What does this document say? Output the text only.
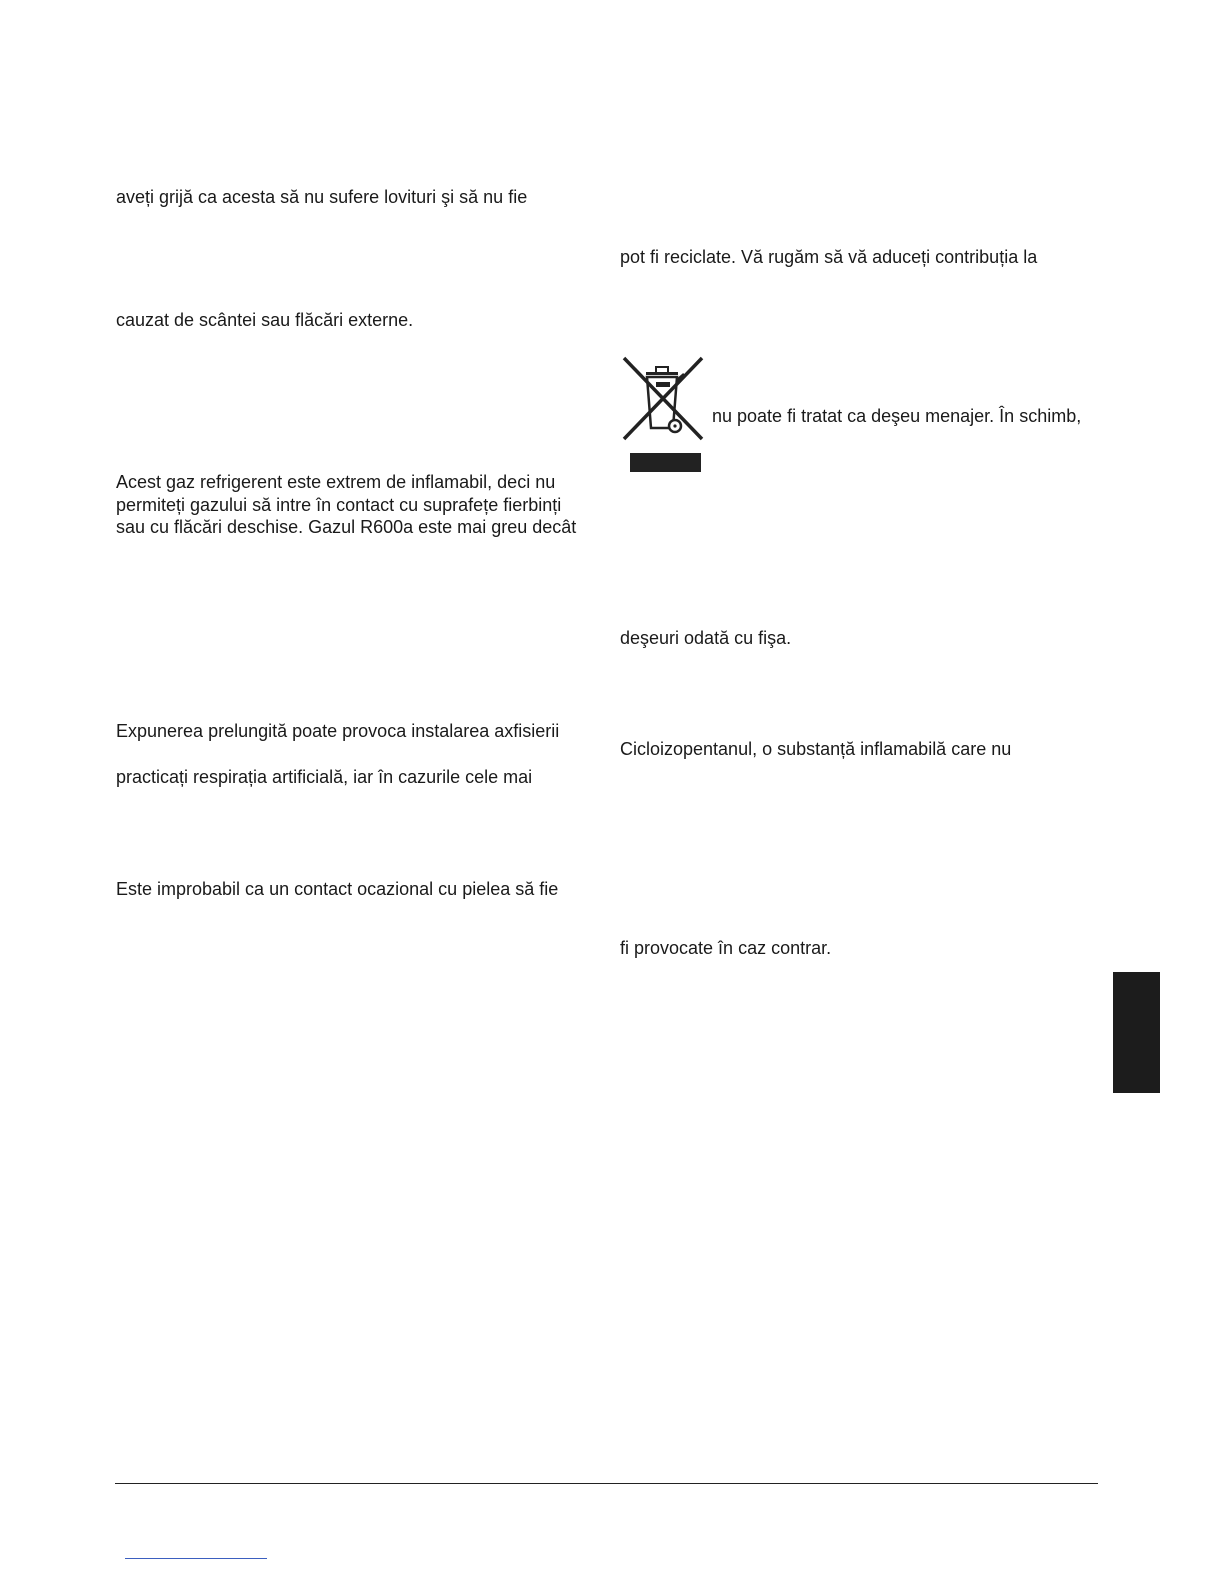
aveți grijă ca acesta să nu sufere lovituri şi să nu fie
cauzat de scântei sau flăcări externe.
Acest gaz refrigerent este extrem de inflamabil, deci nu
permiteți gazului să intre în contact cu suprafețe fierbinți
sau cu flăcări deschise. Gazul R600a este mai greu decât
Expunerea prelungită poate provoca instalarea axfisierii
practicați respirația artificială, iar în cazurile cele mai
Este improbabil ca un contact ocazional cu pielea să fie
pot fi reciclate. Vă rugăm să vă aduceți contribuția la
nu poate fi tratat ca deşeu menajer. În schimb,
deşeuri odată cu fişa.
Cicloizopentanul, o substanță inflamabilă care nu
fi provocate în caz contrar.
